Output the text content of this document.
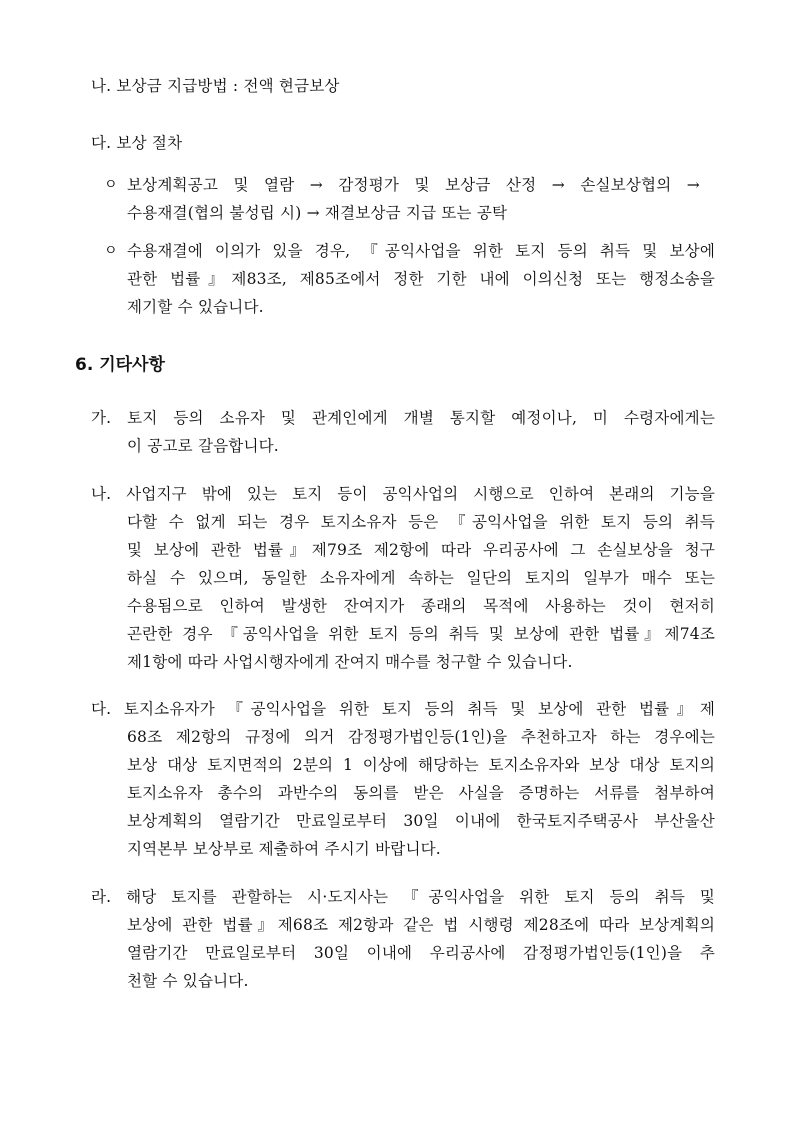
나. 보상금 지급방법 : 전액 현금보상
다. 보상 절차
ㅇ 보상계획공고 및 열람 → 감정평가 및 보상금 산정 → 손실보상협의 →
수용재결(협의 불성립 시) → 재결보상금 지급 또는 공탁
ㅇ 수용재결에 이의가 있을 경우, 『공익사업을 위한 토지 등의 취득 및 보상에
관한 법률』제83조, 제85조에서 정한 기한 내에 이의신청 또는 행정소송을
제기할 수 있습니다.
6. 기타사항
가. 토지 등의 소유자 및 관계인에게 개별 통지할 예정이나, 미 수령자에게는
이 공고로 갈음합니다.
나. 사업지구 밖에 있는 토지 등이 공익사업의 시행으로 인하여 본래의 기능을
다할 수 없게 되는 경우 토지소유자 등은 『공익사업을 위한 토지 등의 취득
및 보상에 관한 법률』제79조 제2항에 따라 우리공사에 그 손실보상을 청구
하실 수 있으며, 동일한 소유자에게 속하는 일단의 토지의 일부가 매수 또는
수용됨으로 인하여 발생한 잔여지가 종래의 목적에 사용하는 것이 현저히
곤란한 경우 『공익사업을 위한 토지 등의 취득 및 보상에 관한 법률』제74조
제1항에 따라 사업시행자에게 잔여지 매수를 청구할 수 있습니다.
다. 토지소유자가 『공익사업을 위한 토지 등의 취득 및 보상에 관한 법률』제
68조 제2항의 규정에 의거 감정평가법인등(1인)을 추천하고자 하는 경우에는
보상 대상 토지면적의 2분의 1 이상에 해당하는 토지소유자와 보상 대상 토지의
토지소유자 총수의 과반수의 동의를 받은 사실을 증명하는 서류를 첨부하여
보상계획의 열람기간 만료일로부터 30일 이내에 한국토지주택공사 부산울산
지역본부 보상부로 제출하여 주시기 바랍니다.
라. 해당 토지를 관할하는 시·도지사는 『공익사업을 위한 토지 등의 취득 및
보상에 관한 법률』제68조 제2항과 같은 법 시행령 제28조에 따라 보상계획의
열람기간 만료일로부터 30일 이내에 우리공사에 감정평가법인등(1인)을 추
천할 수 있습니다.
